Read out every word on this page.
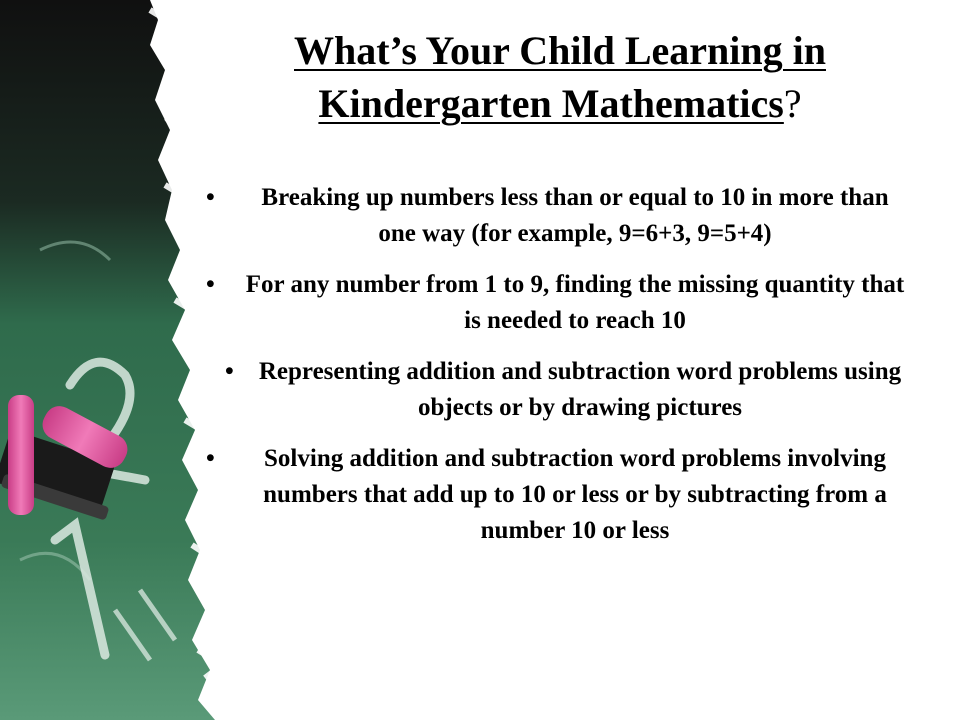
What’s Your Child Learning in
Kindergarten Mathematics?
• Breaking up numbers less than or equal to 10 in more than one way (for example, 9=6+3, 9=5+4)
• For any number from 1 to 9, finding the missing quantity that is needed to reach 10
• Representing addition and subtraction word problems using objects or by drawing pictures
• Solving addition and subtraction word problems involving numbers that add up to 10 or less or by subtracting from a number 10 or less
